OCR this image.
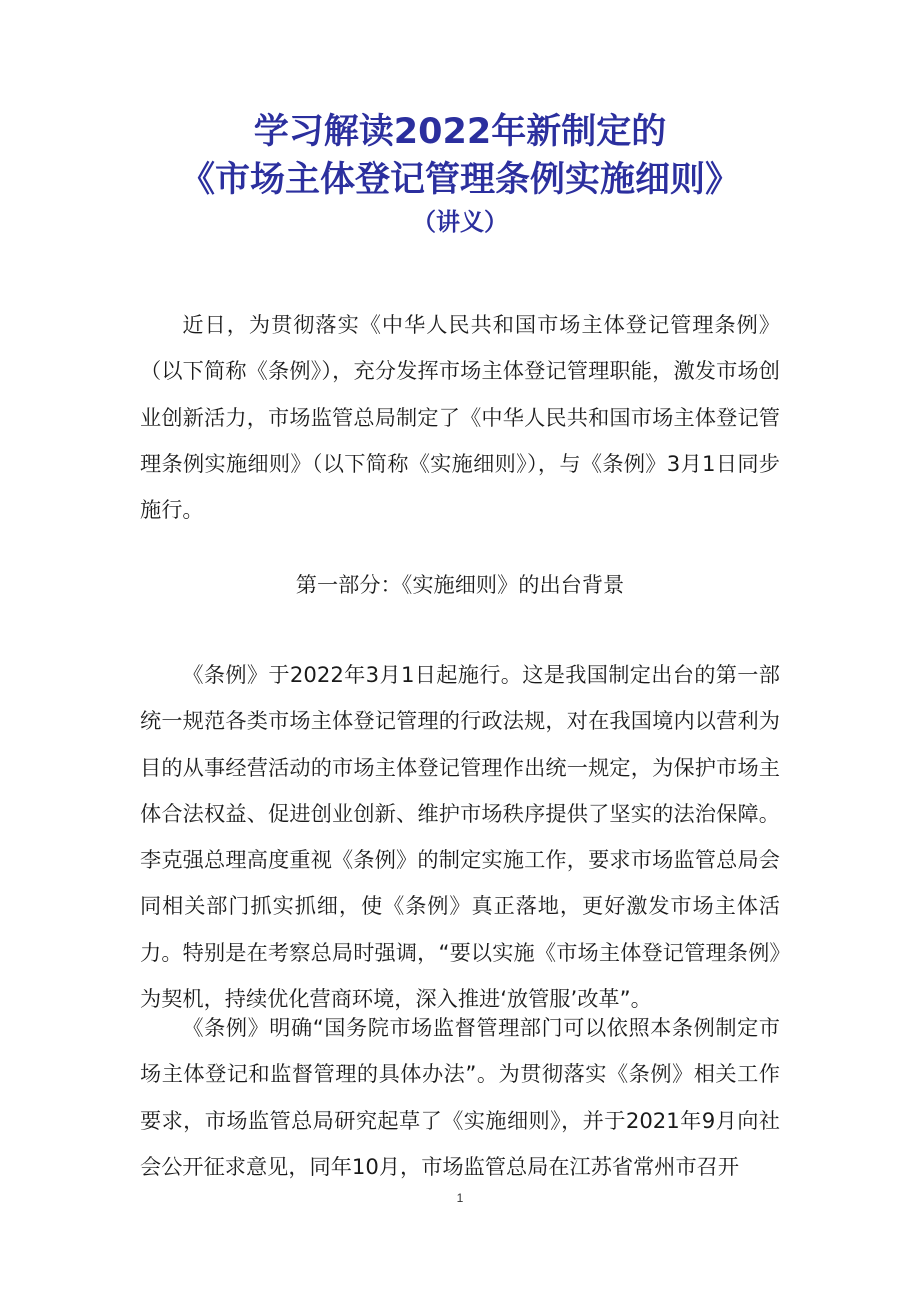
学习解读2022年新制定的
《市场主体登记管理条例实施细则》
（讲义）
近日，为贯彻落实《中华人民共和国市场主体登记管理条例》（以下简称《条例》），充分发挥市场主体登记管理职能，激发市场创业创新活力，市场监管总局制定了《中华人民共和国市场主体登记管理条例实施细则》（以下简称《实施细则》），与《条例》3月1日同步施行。
第一部分：《实施细则》的出台背景
《条例》于2022年3月1日起施行。这是我国制定出台的第一部统一规范各类市场主体登记管理的行政法规，对在我国境内以营利为目的从事经营活动的市场主体登记管理作出统一规定，为保护市场主体合法权益、促进创业创新、维护市场秩序提供了坚实的法治保障。李克强总理高度重视《条例》的制定实施工作，要求市场监管总局会同相关部门抓实抓细，使《条例》真正落地，更好激发市场主体活力。特别是在考察总局时强调，“要以实施《市场主体登记管理条例》为契机，持续优化营商环境，深入推进‘放管服’改革”。
《条例》明确“国务院市场监督管理部门可以依照本条例制定市场主体登记和监督管理的具体办法”。为贯彻落实《条例》相关工作要求，市场监管总局研究起草了《实施细则》，并于2021年9月向社会公开征求意见，同年10月，市场监管总局在江苏省常州市召开
1
